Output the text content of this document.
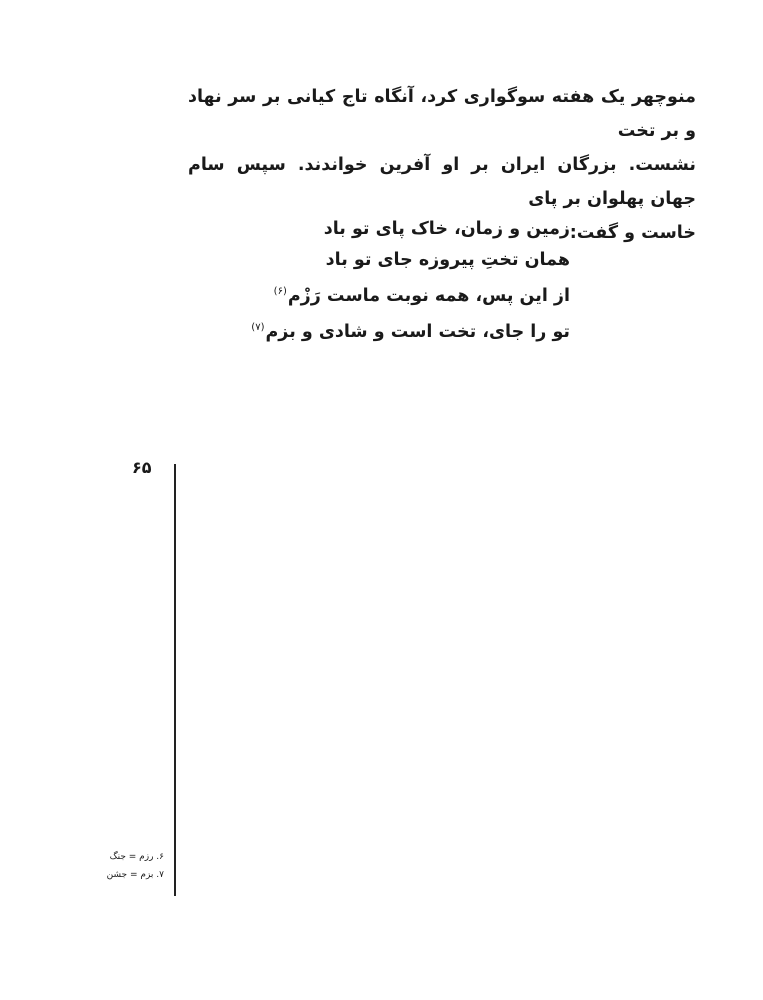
منوچهر یک هفته سوگواری کرد، آنگاه تاج کیانی بر سر نهاد و بر تخت
نشست. بزرگان ایران بر او آفرین خواندند. سپس سام جهان پهلوان بر پای
خاست و گفت:
زمین و زمان، خاک پای تو باد
همان تختِ پیروزه جای تو باد
از این پس، همه نوبت ماست رَزْم$^{(۶)}$
تو را جای، تخت است و شادی و بزم$^{(۷)}$
۶۵
۶. رزم = جنگ
۷. بزم = جشن
